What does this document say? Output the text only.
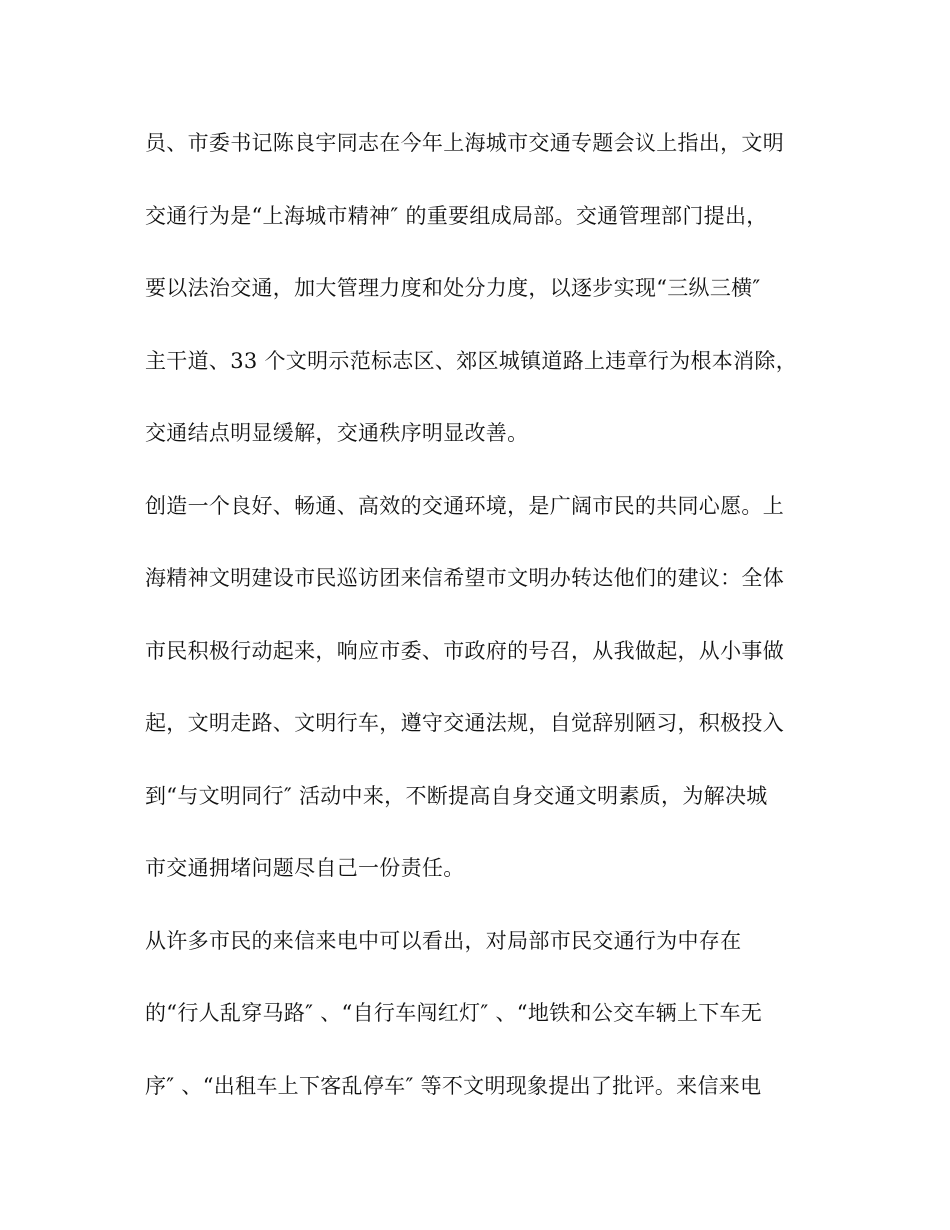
员、市委书记陈良宇同志在今年上海城市交通专题会议上指出，文明
交通行为是“上海城市精神″ 的重要组成局部。交通管理部门提出，
要以法治交通，加大管理力度和处分力度，以逐步实现“三纵三横″
主干道、33 个文明示范标志区、郊区城镇道路上违章行为根本消除，
交通结点明显缓解，交通秩序明显改善。
创造一个良好、畅通、高效的交通环境，是广阔市民的共同心愿。上
海精神文明建设市民巡访团来信希望市文明办转达他们的建议：全体
市民积极行动起来，响应市委、市政府的号召，从我做起，从小事做
起，文明走路、文明行车，遵守交通法规，自觉辞别陋习，积极投入
到“与文明同行″ 活动中来，不断提高自身交通文明素质，为解决城
市交通拥堵问题尽自己一份责任。
从许多市民的来信来电中可以看出，对局部市民交通行为中存在
的“行人乱穿马路″ 、“自行车闯红灯″ 、“地铁和公交车辆上下车无
序″ 、“出租车上下客乱停车″ 等不文明现象提出了批评。来信来电
